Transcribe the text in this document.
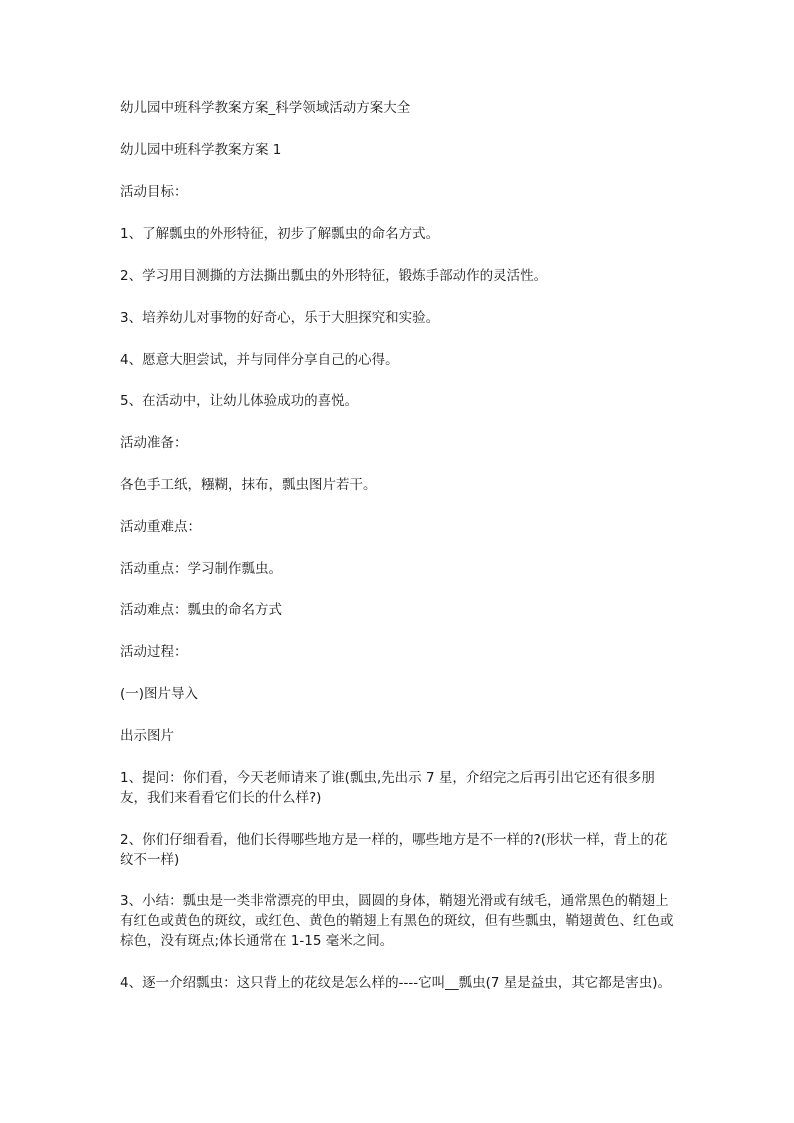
幼儿园中班科学教案方案_科学领域活动方案大全

幼儿园中班科学教案方案 1

活动目标：

1、了解瓢虫的外形特征，初步了解瓢虫的命名方式。

2、学习用目测撕的方法撕出瓢虫的外形特征，锻炼手部动作的灵活性。

3、培养幼儿对事物的好奇心，乐于大胆探究和实验。

4、愿意大胆尝试，并与同伴分享自己的心得。

5、在活动中，让幼儿体验成功的喜悦。

活动准备：

各色手工纸，糨糊，抹布，瓢虫图片若干。

活动重难点：

活动重点：学习制作瓢虫。

活动难点：瓢虫的命名方式

活动过程：

(一)图片导入

出示图片

1、提问：你们看，今天老师请来了谁(瓢虫,先出示 7 星，介绍完之后再引出它还有很多朋友，我们来看看它们长的什么样?)

2、你们仔细看看，他们长得哪些地方是一样的，哪些地方是不一样的?(形状一样，背上的花纹不一样)

3、小结：瓢虫是一类非常漂亮的甲虫，圆圆的身体，鞘翅光滑或有绒毛，通常黑色的鞘翅上有红色或黄色的斑纹，或红色、黄色的鞘翅上有黑色的斑纹，但有些瓢虫，鞘翅黄色、红色或棕色，没有斑点;体长通常在 1-15 毫米之间。

4、逐一介绍瓢虫：这只背上的花纹是怎么样的----它叫__瓢虫(7 星是益虫，其它都是害虫)。
